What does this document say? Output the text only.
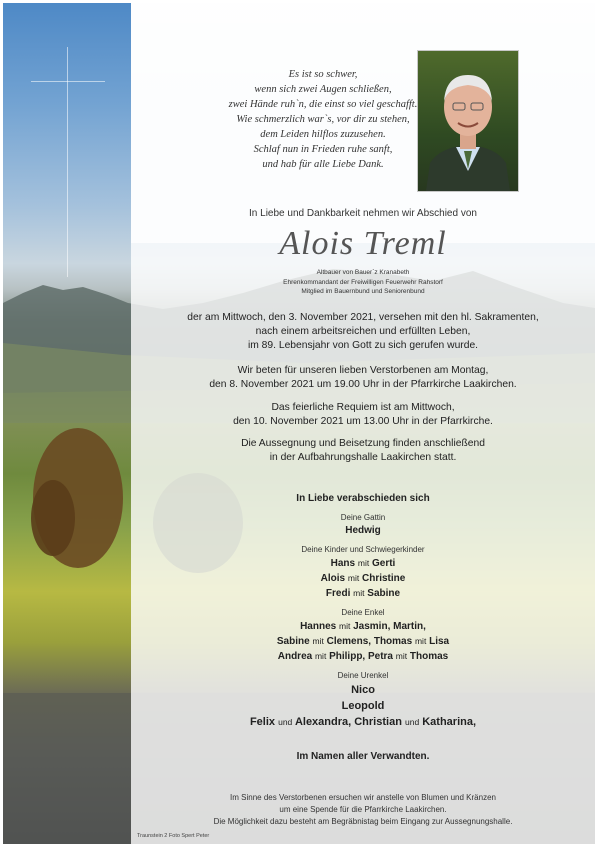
Es ist so schwer,
wenn sich zwei Augen schließen,
zwei Hände ruh`n, die einst so viel geschafft.
Wie schmerzlich war`s, vor dir zu stehen,
dem Leiden hilflos zuzusehen.
Schlaf nun in Frieden ruhe sanft,
und hab für alle Liebe Dank.
In Liebe und Dankbarkeit nehmen wir Abschied von
Alois Treml
Altbauer von Bauer`z Kranabeth
Ehrenkommandant der Freiwilligen Feuerwehr Rahstorf
Mitglied im Bauernbund und Seniorenbund
der am Mittwoch, den 3. November 2021, versehen mit den hl. Sakramenten,
nach einem arbeitsreichen und erfüllten Leben,
im 89. Lebensjahr von Gott zu sich gerufen wurde.
Wir beten für unseren lieben Verstorbenen am Montag,
den 8. November 2021 um 19.00 Uhr in der Pfarrkirche Laakirchen.
Das feierliche Requiem ist am Mittwoch,
den 10. November 2021 um 13.00 Uhr in der Pfarrkirche.
Die Aussegnung und Beisetzung finden anschließend
in der Aufbahrungshalle Laakirchen statt.
In Liebe verabschieden sich
Deine Gattin
Hedwig
Deine Kinder und Schwiegerkinder
Hans mit Gerti
Alois mit Christine
Fredi mit Sabine
Deine Enkel
Hannes mit Jasmin, Martin,
Sabine mit Clemens, Thomas mit Lisa
Andrea mit Philipp, Petra mit Thomas
Deine Urenkel
Nico
Leopold
Felix und Alexandra, Christian und Katharina,
Im Namen aller Verwandten.
Im Sinne des Verstorbenen ersuchen wir anstelle von Blumen und Kränzen
um eine Spende für die Pfarrkirche Laakirchen.
Die Möglichkeit dazu besteht am Begräbnistag beim Eingang zur Aussegnungshalle.
Traunstein 2 Foto Spert Peter
